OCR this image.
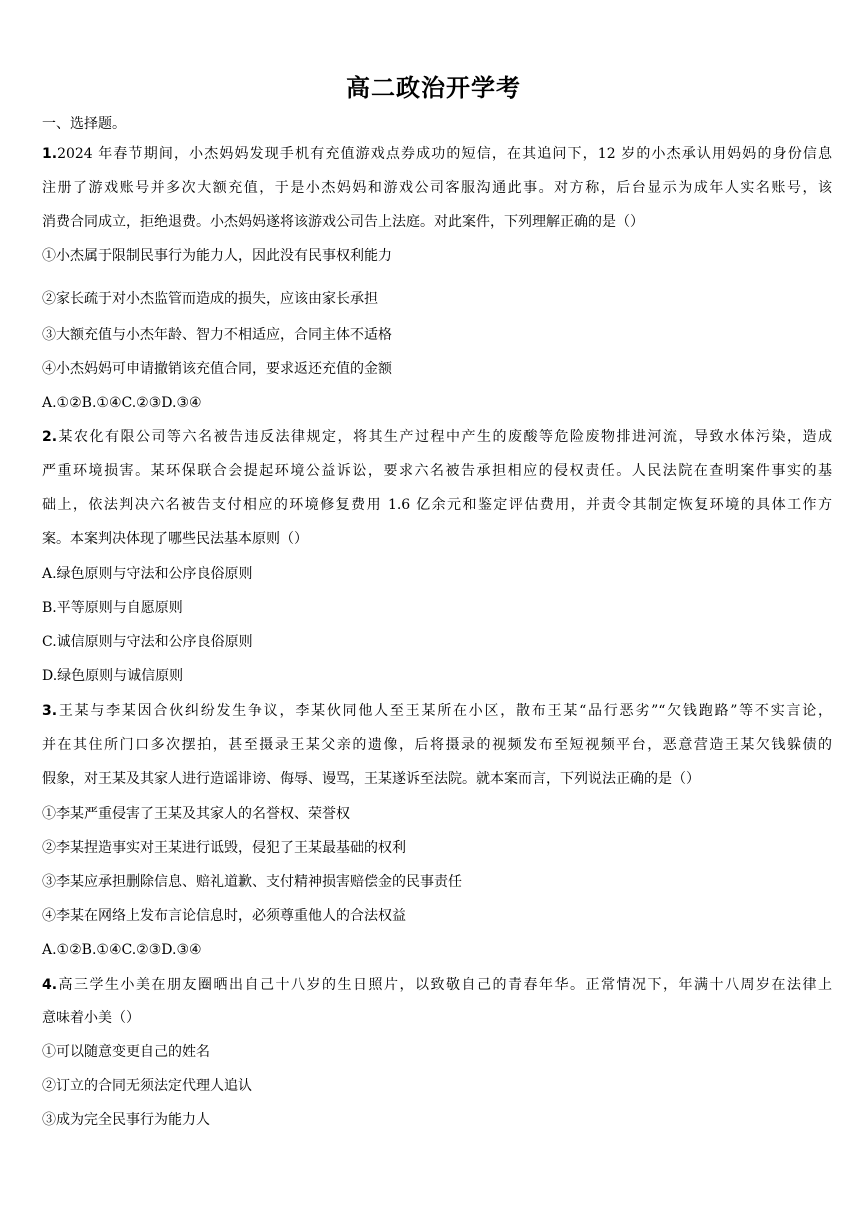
高二政治开学考
一、选择题。
1.2024 年春节期间，小杰妈妈发现手机有充值游戏点券成功的短信，在其追问下，12 岁的小杰承认用妈妈的身份信息
注册了游戏账号并多次大额充值，于是小杰妈妈和游戏公司客服沟通此事。对方称，后台显示为成年人实名账号，该
消费合同成立，拒绝退费。小杰妈妈遂将该游戏公司告上法庭。对此案件，下列理解正确的是（）
①小杰属于限制民事行为能力人，因此没有民事权利能力
②家长疏于对小杰监管而造成的损失，应该由家长承担
③大额充值与小杰年龄、智力不相适应，合同主体不适格
④小杰妈妈可申请撤销该充值合同，要求返还充值的金额
A.①②B.①④C.②③D.③④
2.某农化有限公司等六名被告违反法律规定，将其生产过程中产生的废酸等危险废物排进河流，导致水体污染，造成
严重环境损害。某环保联合会提起环境公益诉讼，要求六名被告承担相应的侵权责任。人民法院在查明案件事实的基
础上，依法判决六名被告支付相应的环境修复费用 1.6 亿余元和鉴定评估费用，并责令其制定恢复环境的具体工作方
案。本案判决体现了哪些民法基本原则（）
A.绿色原则与守法和公序良俗原则
B.平等原则与自愿原则
C.诚信原则与守法和公序良俗原则
D.绿色原则与诚信原则
3.王某与李某因合伙纠纷发生争议，李某伙同他人至王某所在小区，散布王某“品行恶劣”“欠钱跑路”等不实言论，
并在其住所门口多次摆拍，甚至摄录王某父亲的遗像，后将摄录的视频发布至短视频平台，恶意营造王某欠钱躲债的
假象，对王某及其家人进行造谣诽谤、侮辱、谩骂，王某遂诉至法院。就本案而言，下列说法正确的是（）
①李某严重侵害了王某及其家人的名誉权、荣誉权
②李某捏造事实对王某进行诋毁，侵犯了王某最基础的权利
③李某应承担删除信息、赔礼道歉、支付精神损害赔偿金的民事责任
④李某在网络上发布言论信息时，必须尊重他人的合法权益
A.①②B.①④C.②③D.③④
4.高三学生小美在朋友圈晒出自己十八岁的生日照片，以致敬自己的青春年华。正常情况下，年满十八周岁在法律上
意味着小美（）
①可以随意变更自己的姓名
②订立的合同无须法定代理人追认
③成为完全民事行为能力人
